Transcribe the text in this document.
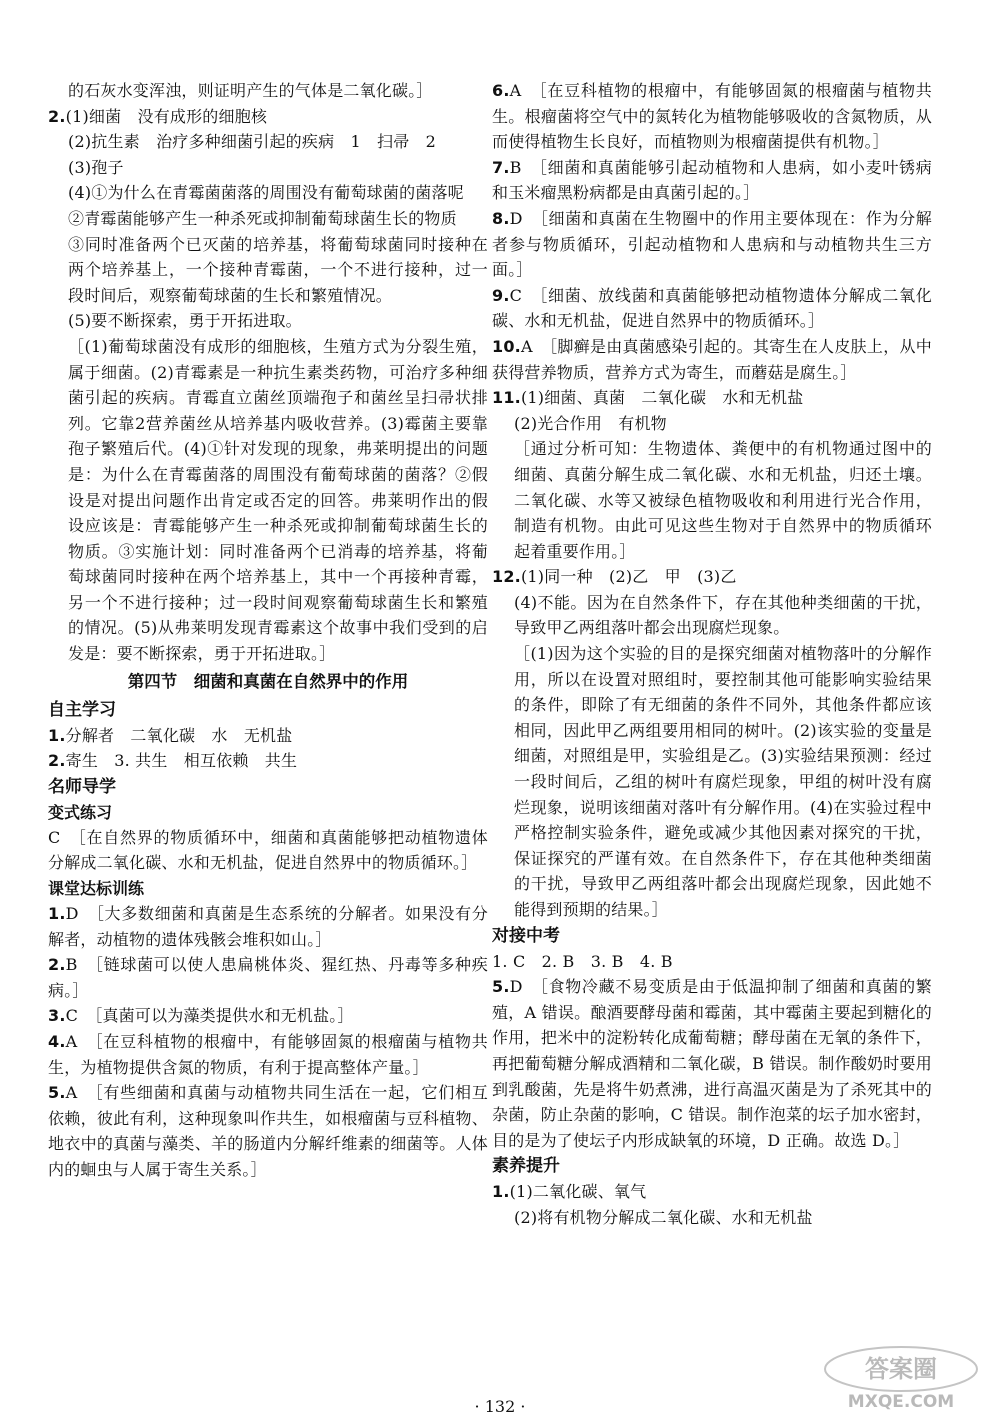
的石灰水变浑浊，则证明产生的气体是二氧化碳。］

2.(1)细菌　没有成形的细胞核

(2)抗生素　治疗多种细菌引起的疾病　1　扫帚　2

(3)孢子

(4)①为什么在青霉菌菌落的周围没有葡萄球菌的菌落呢

②青霉菌能够产生一种杀死或抑制葡萄球菌生长的物质

③同时准备两个已灭菌的培养基，将葡萄球菌同时接种在两个培养基上，一个接种青霉菌，一个不进行接种，过一段时间后，观察葡萄球菌的生长和繁殖情况。

(5)要不断探索，勇于开拓进取。

［(1)葡萄球菌没有成形的细胞核，生殖方式为分裂生殖，属于细菌。(2)青霉素是一种抗生素类药物，可治疗多种细菌引起的疾病。青霉直立菌丝顶端孢子和菌丝呈扫帚状排列。它靠2营养菌丝从培养基内吸收营养。(3)霉菌主要靠孢子繁殖后代。(4)①针对发现的现象，弗莱明提出的问题是：为什么在青霉菌落的周围没有葡萄球菌的菌落？②假设是对提出问题作出肯定或否定的回答。弗莱明作出的假设应该是：青霉能够产生一种杀死或抑制葡萄球菌生长的物质。③实施计划：同时准备两个已消毒的培养基，将葡萄球菌同时接种在两个培养基上，其中一个再接种青霉，另一个不进行接种；过一段时间观察葡萄球菌生长和繁殖的情况。(5)从弗莱明发现青霉素这个故事中我们受到的启发是：要不断探索，勇于开拓进取。］

第四节　细菌和真菌在自然界中的作用
自主学习

1.分解者　二氧化碳　水　无机盐

2.寄生　3. 共生　相互依赖　共生

名师导学
变式练习

C　［在自然界的物质循环中，细菌和真菌能够把动植物遗体分解成二氧化碳、水和无机盐，促进自然界中的物质循环。］

课堂达标训练

1.D　［大多数细菌和真菌是生态系统的分解者。如果没有分解者，动植物的遗体残骸会堆积如山。］

2.B　［链球菌可以使人患扁桃体炎、猩红热、丹毒等多种疾病。］

3.C　［真菌可以为藻类提供水和无机盐。］

4.A　［在豆科植物的根瘤中，有能够固氮的根瘤菌与植物共生，为植物提供含氮的物质，有利于提高整体产量。］

5.A　［有些细菌和真菌与动植物共同生活在一起，它们相互依赖，彼此有利，这种现象叫作共生，如根瘤菌与豆科植物、地衣中的真菌与藻类、羊的肠道内分解纤维素的细菌等。人体内的蛔虫与人属于寄生关系。］

6.A　［在豆科植物的根瘤中，有能够固氮的根瘤菌与植物共生。根瘤菌将空气中的氮转化为植物能够吸收的含氮物质，从而使得植物生长良好，而植物则为根瘤菌提供有机物。］

7.B　［细菌和真菌能够引起动植物和人患病，如小麦叶锈病和玉米瘤黑粉病都是由真菌引起的。］

8.D　［细菌和真菌在生物圈中的作用主要体现在：作为分解者参与物质循环，引起动植物和人患病和与动植物共生三方面。］

9.C　［细菌、放线菌和真菌能够把动植物遗体分解成二氧化碳、水和无机盐，促进自然界中的物质循环。］

10.A　［脚癣是由真菌感染引起的。其寄生在人皮肤上，从中获得营养物质，营养方式为寄生，而蘑菇是腐生。］

11.(1)细菌、真菌　二氧化碳　水和无机盐

(2)光合作用　有机物

［通过分析可知：生物遗体、粪便中的有机物通过图中的细菌、真菌分解生成二氧化碳、水和无机盐，归还土壤。二氧化碳、水等又被绿色植物吸收和利用进行光合作用，制造有机物。由此可见这些生物对于自然界中的物质循环起着重要作用。］

12.(1)同一种　(2)乙　甲　(3)乙

(4)不能。因为在自然条件下，存在其他种类细菌的干扰，导致甲乙两组落叶都会出现腐烂现象。

［(1)因为这个实验的目的是探究细菌对植物落叶的分解作用，所以在设置对照组时，要控制其他可能影响实验结果的条件，即除了有无细菌的条件不同外，其他条件都应该相同，因此甲乙两组要用相同的树叶。(2)该实验的变量是细菌，对照组是甲，实验组是乙。(3)实验结果预测：经过一段时间后，乙组的树叶有腐烂现象，甲组的树叶没有腐烂现象，说明该细菌对落叶有分解作用。(4)在实验过程中严格控制实验条件，避免或减少其他因素对探究的干扰，保证探究的严谨有效。在自然条件下，存在其他种类细菌的干扰，导致甲乙两组落叶都会出现腐烂现象，因此她不能得到预期的结果。］

对接中考

1. C　2. B　3. B　4. B

5.D　［食物冷藏不易变质是由于低温抑制了细菌和真菌的繁殖，A 错误。酿酒要酵母菌和霉菌，其中霉菌主要起到糖化的作用，把米中的淀粉转化成葡萄糖；酵母菌在无氧的条件下，再把葡萄糖分解成酒精和二氧化碳，B 错误。制作酸奶时要用到乳酸菌，先是将牛奶煮沸，进行高温灭菌是为了杀死其中的杂菌，防止杂菌的影响，C 错误。制作泡菜的坛子加水密封，目的是为了使坛子内形成缺氧的环境，D 正确。故选 D。］

素养提升

1.(1)二氧化碳、氧气

(2)将有机物分解成二氧化碳、水和无机盐

· 132 ·
答案圈
MXQE.COM
